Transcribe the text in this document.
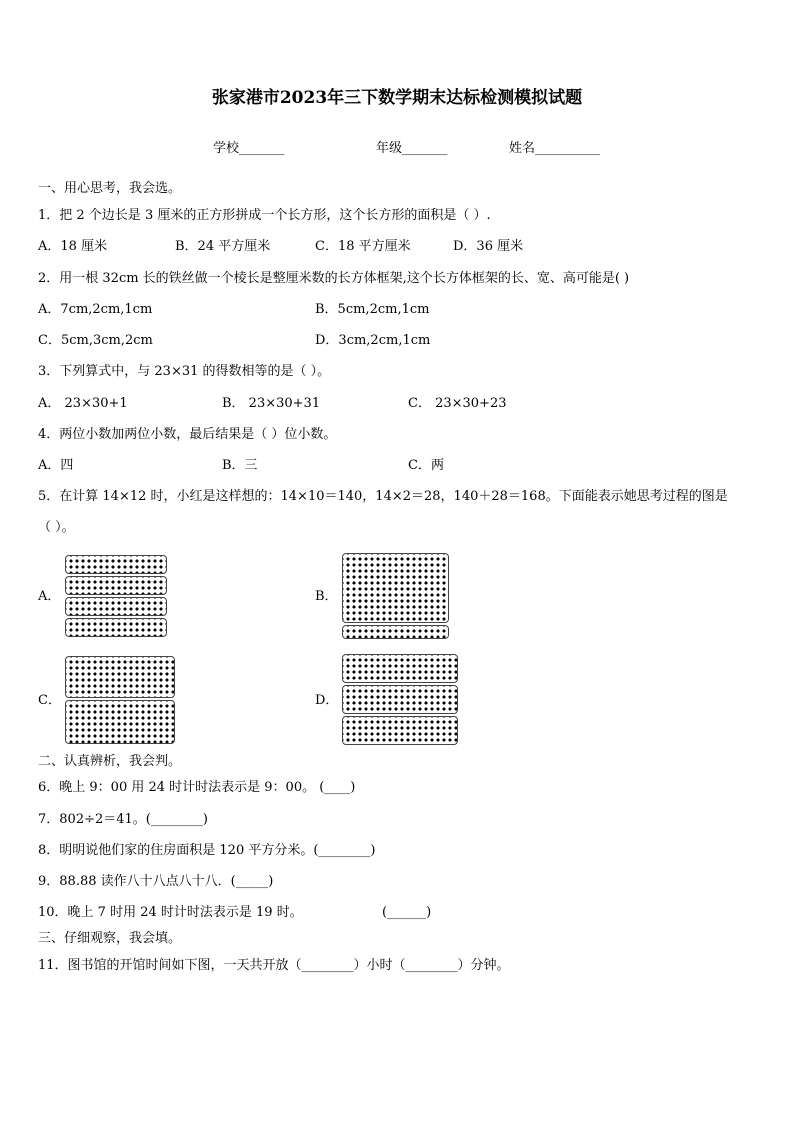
张家港市2023年三下数学期末达标检测模拟试题
学校_______	年级_______	姓名__________
一、用心思考，我会选。
1．把 2 个边长是 3 厘米的正方形拼成一个长方形，这个长方形的面积是（ ）.
A．18 厘米	B．24 平方厘米	C．18 平方厘米	D．36 厘米
2．用一根 32cm 长的铁丝做一个棱长是整厘米数的长方体框架,这个长方体框架的长、宽、高可能是( )
A．7cm,2cm,1cm	B．5cm,2cm,1cm
C．5cm,3cm,2cm	D．3cm,2cm,1cm
3．下列算式中，与 23×31 的得数相等的是（ ）。
A． 23×30+1	B． 23×30+31	C． 23×30+23
4．两位小数加两位小数，最后结果是（ ）位小数。
A．四	B．三	C．两
5．在计算 14×12 时，小红是这样想的：14×10＝140，14×2＝28，140＋28＝168。下面能表示她思考过程的图是
（ ）。
A．	B．
C．	D．
二、认真辨析，我会判。
6．晚上 9：00 用 24 时计时法表示是 9：00。 (____)
7．802÷2＝41。(________)
8．明明说他们家的住房面积是 120 平方分米。(________)
9．88.88 读作八十八点八十八．(_____)
10．晚上 7 时用 24 时计时法表示是 19 时。	(______)
三、仔细观察，我会填。
11．图书馆的开馆时间如下图，一天共开放（________）小时（________）分钟。
